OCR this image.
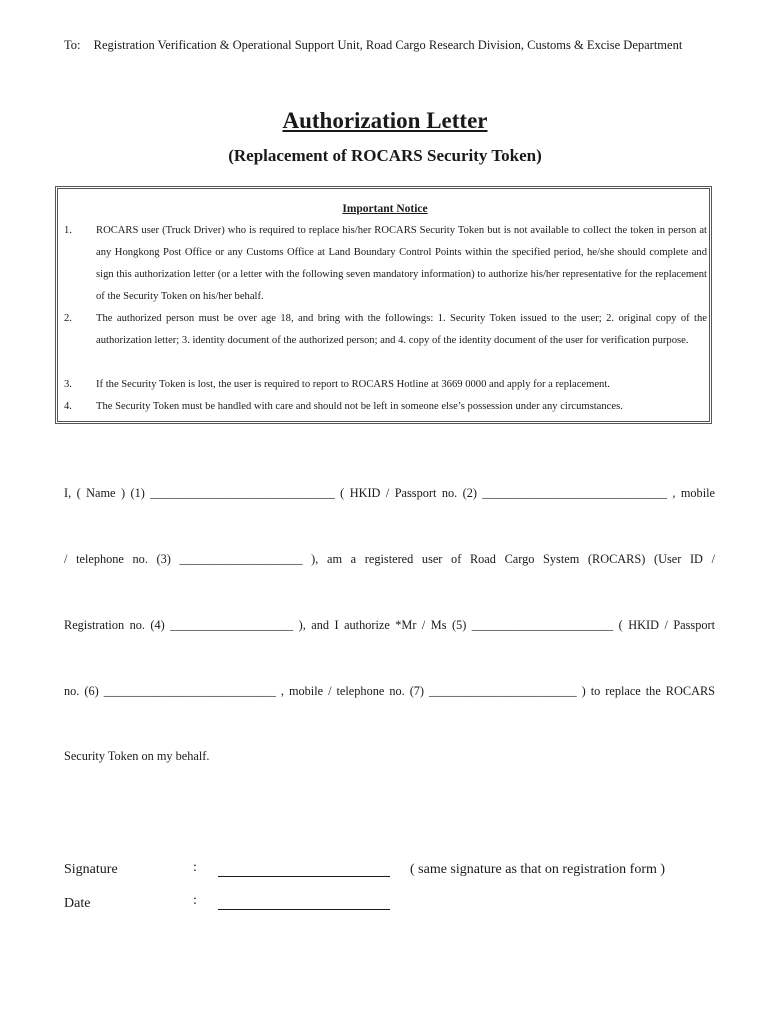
To: Registration Verification & Operational Support Unit, Road Cargo Research Division, Customs & Excise Department
Authorization Letter
(Replacement of ROCARS Security Token)
Important Notice
1. ROCARS user (Truck Driver) who is required to replace his/her ROCARS Security Token but is not available to collect the token in person at any Hongkong Post Office or any Customs Office at Land Boundary Control Points within the specified period, he/she should complete and sign this authorization letter (or a letter with the following seven mandatory information) to authorize his/her representative for the replacement of the Security Token on his/her behalf.
2. The authorized person must be over age 18, and bring with the followings: 1. Security Token issued to the user; 2. original copy of the authorization letter; 3. identity document of the authorized person; and 4. copy of the identity document of the user for verification purpose.
3. If the Security Token is lost, the user is required to report to ROCARS Hotline at 3669 0000 and apply for a replacement.
4. The Security Token must be handled with care and should not be left in someone else’s possession under any circumstances.
I, ( Name ) (1) ______________________________ ( HKID / Passport no. (2) ______________________________ , mobile
/ telephone no. (3) ____________________ ), am a registered user of Road Cargo System (ROCARS) (User ID /
Registration no. (4) ____________________ ), and I authorize *Mr / Ms (5) _______________________ ( HKID / Passport
no. (6) ____________________________ , mobile / telephone no. (7) ________________________ ) to replace the ROCARS
Security Token on my behalf.
Signature	:	( same signature as that on registration form )
Date	:
